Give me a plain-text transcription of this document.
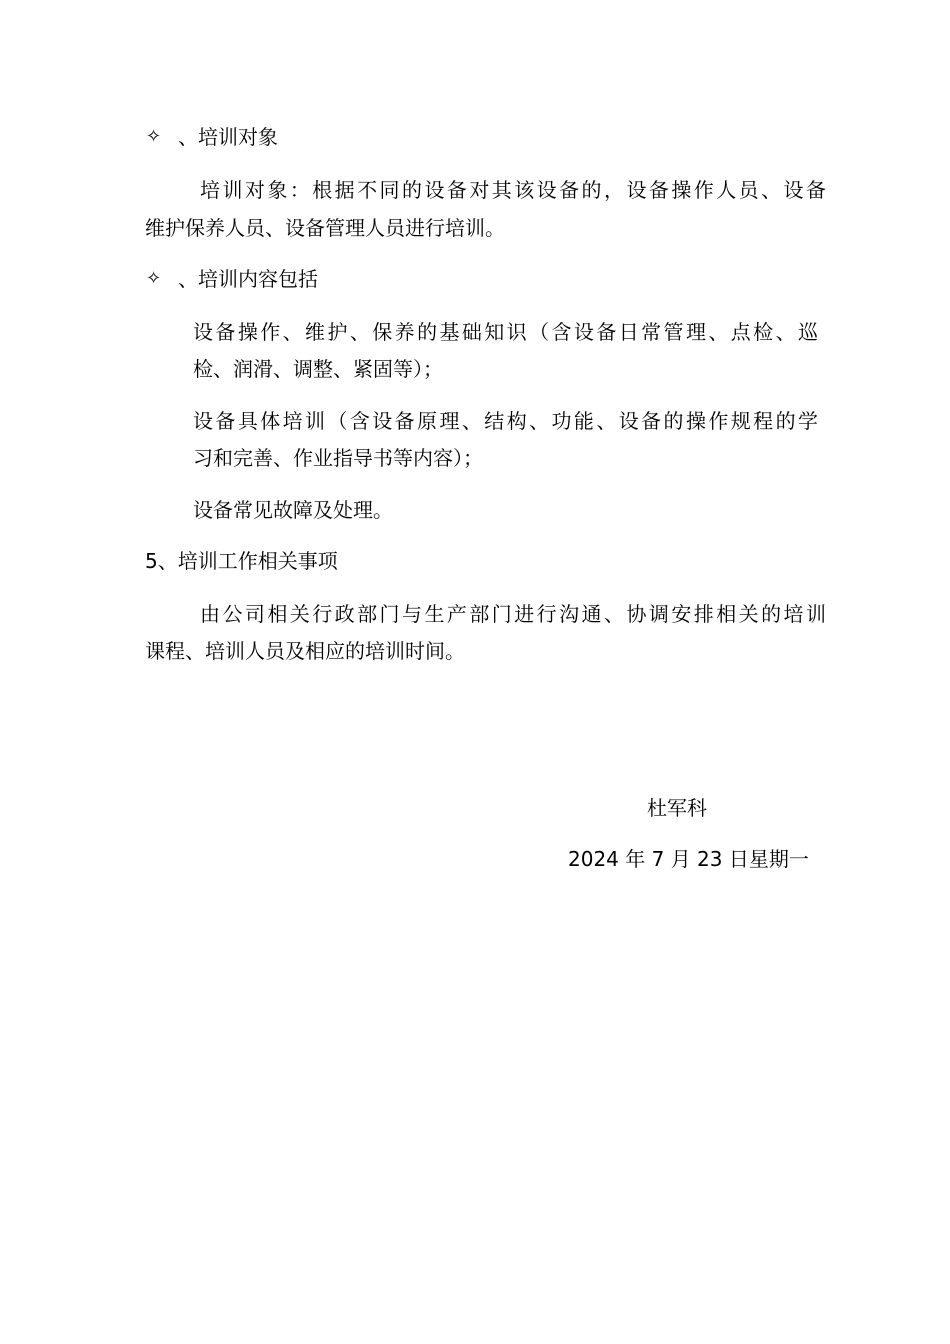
✧ 、培训对象
培训对象：根据不同的设备对其该设备的，设备操作人员、设备
维护保养人员、设备管理人员进行培训。
✧ 、培训内容包括
设备操作、维护、保养的基础知识（含设备日常管理、点检、巡
检、润滑、调整、紧固等）；
设备具体培训（含设备原理、结构、功能、设备的操作规程的学
习和完善、作业指导书等内容）；
设备常见故障及处理。
5、培训工作相关事项
由公司相关行政部门与生产部门进行沟通、协调安排相关的培训
课程、培训人员及相应的培训时间。
杜军科
2024 年 7 月 23 日星期一
